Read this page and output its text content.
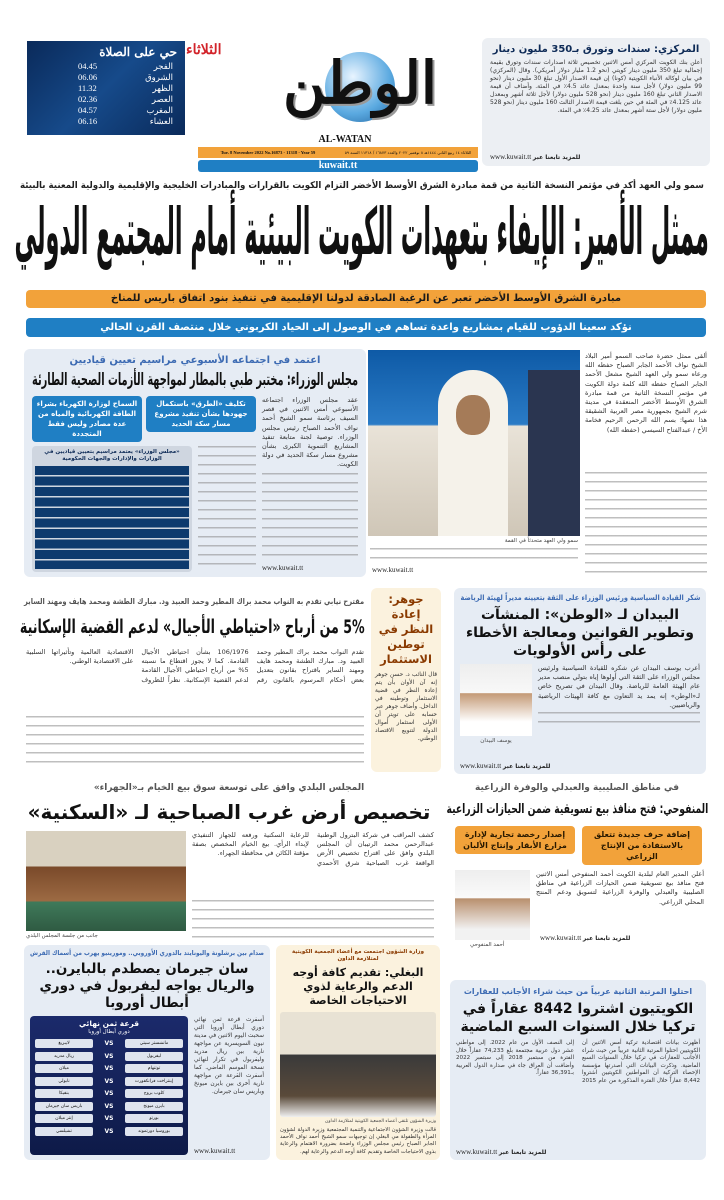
حي على الصلاة
الفجر
04.45
الشروق
06.06
الظهر
11.32
العصر
02.36
المغرب
04.57
العشاء
06.16
الثلاثاء	الوطن
AL-WATAN
Tue. 8 November 2022 No.16873 - 11318 - Year 59	الثلاثاء ١٤ ربيع الثاني ١٤٤٤هـ ٨ نوفمبر ٢٠٢٢ والعدد ١٦٨٧٣ / ١١٣١٨ السنة ٥٩
kuwait.tt
المركزي: سندات وتورق بـ350 مليون دينار
أعلن بنك الكويت المركزي أمس الاثنين تخصيص ثلاثة اصدارات سندات وتورق بقيمة إجمالية تبلغ 350 مليون دينار كويتي (نحو 1.2 مليار دولار أمريكي). وقال (المركزي) في بيان لوكالة الأنباء الكويتية (كونا) إن قيمة الاصدار الأول تبلغ 30 مليون دينار (نحو 99 مليون دولار) لأجل سنة واحدة بمعدل عائد 4.5٪ في المئة. وأضاف أن قيمة الاصدار الثاني تبلغ 160 مليون دينار (نحو 528 مليون دولار) لأجل ثلاثة أشهر وبمعدل عائد 4.125٪ في المئة في حين بلغت قيمة الاصدار الثالث 160 مليون دينار (نحو 528 مليون دولار) لأجل ستة أشهر بمعدل عائد 4.25٪ في المئة.
www.kuwait.tt للمزيد تابعنا عبر
سمو ولي العهد أكد في مؤتمر النسخة الثانية من قمة مبادرة الشرق الأوسط الأخضر التزام الكويت بالقرارات والمبادرات الخليجية والإقليمية والدولية المعنية بالبيئة
ممثل الأمير: الإيفاء بتعهدات الكويت البيئية أمام المجتمع الدولي
مبادرة الشرق الأوسط الأخضر تعبر عن الرغبة الصادقة لدولنا الإقليمية في تنفيذ بنود اتفاق باريس للمناخ
نؤكد سعينا الدؤوب للقيام بمشاريع واعدة تساهم في الوصول إلى الحياد الكربوني خلال منتصف القرن الحالي
سمو ولي العهد متحدثاً في القمة
ألقى ممثل حضرة صاحب السمو أمير البلاد الشيخ نواف الأحمد الجابر الصباح حفظه الله ورعاه سمو ولي العهد الشيخ مشعل الأحمد الجابر الصباح حفظه الله كلمة دولة الكويت في مؤتمر النسخة الثانية من قمة مبادرة الشرق الأوسط الأخضر المنعقدة في مدينة شرم الشيخ بجمهورية مصر العربية الشقيقة هذا نصها: بسم الله الرحمن الرحيم فخامة الأخ / عبدالفتاح السيسي (حفظه الله)
www.kuwait.tt
اعتمد في اجتماعه الأسبوعي مراسيم تعيين قياديين
مجلس الوزراء: مختبر طبي بالمطار لمواجهة الأزمات الصحية الطارئة
عقد مجلس الوزراء اجتماعه الأسبوعي أمس الاثنين في قصر السيف برئاسة سمو الشيخ أحمد نواف الأحمد الصباح رئيس مجلس الوزراء. توصية لجنة متابعة تنفيذ المشاريع التنموية الكبرى بشأن مشروع مسار سكة الحديد في دولة الكويت.
www.kuwait.tt
تكليف «الطرق» باستكمال جهودها بشأن تنفيذ مشروع مسار سكة الحديد
السماح لوزارة الكهرباء بشراء الطاقة الكهربائية والمياه من عدة مصادر وليس فقط المتجددة
«مجلس الوزراء» يعتمد مراسيم بتعيين قياديين في الوزارات والإدارات والجهات الحكومية
مقترح نيابي تقدم به النواب محمد براك المطير وحمد العبيد ود. مبارك الطشة ومحمد هايف ومهند الساير
5% من أرباح «احتياطي الأجيال» لدعم القضية الإسكانية
تقدم النواب محمد براك المطير وحمد العبيد ود. مبارك الطشة ومحمد هايف ومهند الساير باقتراح بقانون بتعديل بعض أحكام المرسوم بالقانون رقم 106/1976 بشأن احتياطي الأجيال القادمة. كما لا يجوز اقتطاع ما نسبته 5% من أرباح احتياطي الأجيال القادمة لدعم القضية الإسكانية. نظراً للظروف الاقتصادية العالمية وتأثيراتها السلبية على الاقتصادية الوطني.
جوهر: إعادة النظر في توطين الاستثمار
قال النائب د. حسن جوهر إنه آن الأوان بأن يتم إعادة النظر في قضية الاستثمار وتوطينه في الداخل. وأضاف جوهر عبر حسابه على تويتر أن الأولى استثمار أموال الدولة لتنويع الاقتصاد الوطني.
شكر القيادة السياسية ورئيس الوزراء على الثقة بتعيينه مديراً لهيئة الرياضة
البيدان لـ «الوطن»: المنشآت وتطوير القوانين ومعالجة الأخطاء على رأس الأولويات
أعرب يوسف البيدان عن شكره للقيادة السياسية ولرئيس مجلس الوزراء على الثقة التي أولوها إياه بتولي منصب مدير عام الهيئة العامة للرياضة. وقال البيدان في تصريح خاص لـ«الوطن» إنه يمد يد التعاون مع كافة الهيئات الرياضية والرياضيين.
يوسف البيدان
www.kuwait.tt للمزيد تابعنا عبر
المجلس البلدي وافق على توسعة سوق بيع الخيام بـ«الجهراء»
تخصيص أرض غرب الصباحية لـ «السكنية»
جانب من جلسة المجلس البلدي
كشف المراقب في شركة البترول الوطنية عبدالرحمن محمد الرتيبان أن المجلس البلدي وافق على اقتراح تخصيص الأرض الواقعة غرب الصباحية شرق الأحمدي للرعاية السكنية ورفعه للجهاز التنفيذي لإبداء الرأي. بيع الخيام المخصص بصفة مؤقتة الكائن في محافظة الجهراء.
في مناطق الصليبية والعبدلي والوفرة الزراعية
المنفوحي: فتح منافذ بيع تسويقية ضمن الحيازات الزراعية
إضافة حرف جديدة تتعلق بالاستفادة من الإنتاج الزراعي
إصدار رخصة تجارية لإدارة مزارع الأبقار وإنتاج الألبان
أحمد المنفوحي
أعلن المدير العام لبلدية الكويت أحمد المنفوحي أمس الاثنين فتح منافذ بيع تسويقية ضمن الحيازات الزراعية في مناطق الصليبية والعبدلي والوفرة الزراعية لتسويق ودعم المنتج المحلي الزراعي.
www.kuwait.tt للمزيد تابعنا عبر
صدام بين برشلونة واليونايتد بالدوري الأوروبي.. ومورينيو يهرب من أسماك القرش
سان جيرمان يصطدم بالبايرن.. والريال يواجه ليفربول في دوري أبطال أوروبا
أسفرت قرعة ثمن نهائي دوري أبطال أوروبا التي سحبت اليوم الاثنين في مدينة نيون السويسرية عن مواجهة نارية بين ريال مدريد وليفربول في تكرار لنهائي نسخة الموسم الماضي. كما أسفرت القرعة عن مواجهة نارية أخرى بين بايرن ميونخ وباريس سان جيرمان.
www.kuwait.tt
قرعة ثمن نهائي
دوري أبطال أوروبا
مانشستر سيتي
VS
لايبزيغ
ليفربول
VS
ريال مدريد
توتنهام
VS
ميلان
إينتراخت فرانكفورت
VS
نابولي
كلوب بروج
VS
بنفيكا
بايرن ميونخ
VS
باريس سان جيرمان
بورتو
VS
إنتر ميلان
بوروسيا دورتموند
VS
تشيلسي
وزارة الشؤون اجتمعت مع أعضاء الجمعية الكويتية لمتلازمة الداون
البغلي: تقديم كافة أوجه الدعم والرعاية لذوي الاحتياجات الخاصة
وزيرة الشؤون تلتقي أعضاء الجمعية الكويتية لمتلازمة الداون
قالت وزيرة الشؤون الاجتماعية والتنمية المجتمعية وزيرة الدولة لشؤون المرأة والطفولة مي البغلي إن توجيهات سمو الشيخ أحمد نواف الأحمد الجابر الصباح رئيس مجلس الوزراء واضحة بضرورة الاهتمام والرعاية بذوي الاحتياجات الخاصة وتقديم كافة أوجه الدعم والرعاية لهم.
احتلوا المرتبة الثانية عربياً من حيث شراء الأجانب للعقارات
الكويتيون اشتروا 8442 عقاراً في تركيا خلال السنوات السبع الماضية
أظهرت بيانات اقتصادية تركية أمس الاثنين أن الكويتيين احتلوا المرتبة الثانية عربياً من حيث شراء الأجانب للعقارات في تركيا خلال السنوات السبع الماضية. وذكرت البيانات التي أصدرتها مؤسسة الإحصاء التركية أن المواطنين الكويتيين اشتروا 8,442 عقاراً خلال الفترة المذكورة من عام 2015 إلى النصف الأول من عام 2022. إلى مواطني عشر دول عربية مجتمعة بلغ 74,233 عقاراً خلال الفترة من سبتمبر 2018 إلى سبتمبر 2022 وأضافت أن العراق جاء في صدارة الدول العربية بـ36,391 عقاراً.
www.kuwait.tt للمزيد تابعنا عبر
